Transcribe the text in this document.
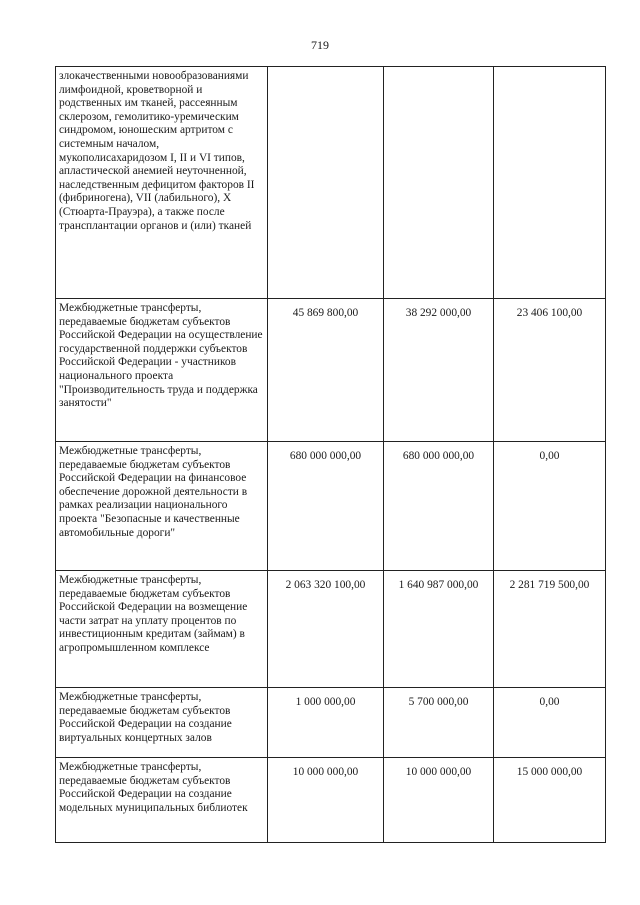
719
злокачественными новообразованиями лимфоидной, кроветворной и родственных им тканей, рассеянным склерозом, гемолитико-уремическим синдромом, юношеским артритом с системным началом, мукополисахаридозом I, II и VI типов, апластической анемией неуточненной, наследственным дефицитом факторов II (фибриногена), VII (лабильного), X (Стюарта-Прауэра), а также после трансплантации органов и (или) тканей			
Межбюджетные трансферты, передаваемые бюджетам субъектов Российской Федерации на осуществление государственной поддержки субъектов Российской Федерации - участников национального проекта "Производительность труда и поддержка занятости"	45 869 800,00	38 292 000,00	23 406 100,00
Межбюджетные трансферты, передаваемые бюджетам субъектов Российской Федерации на финансовое обеспечение дорожной деятельности в рамках реализации национального проекта "Безопасные и качественные автомобильные дороги"	680 000 000,00	680 000 000,00	0,00
Межбюджетные трансферты, передаваемые бюджетам субъектов Российской Федерации на возмещение части затрат на уплату процентов по инвестиционным кредитам (займам) в агропромышленном комплексе	2 063 320 100,00	1 640 987 000,00	2 281 719 500,00
Межбюджетные трансферты, передаваемые бюджетам субъектов Российской Федерации на создание виртуальных концертных залов	1 000 000,00	5 700 000,00	0,00
Межбюджетные трансферты, передаваемые бюджетам субъектов Российской Федерации на создание модельных муниципальных библиотек	10 000 000,00	10 000 000,00	15 000 000,00
